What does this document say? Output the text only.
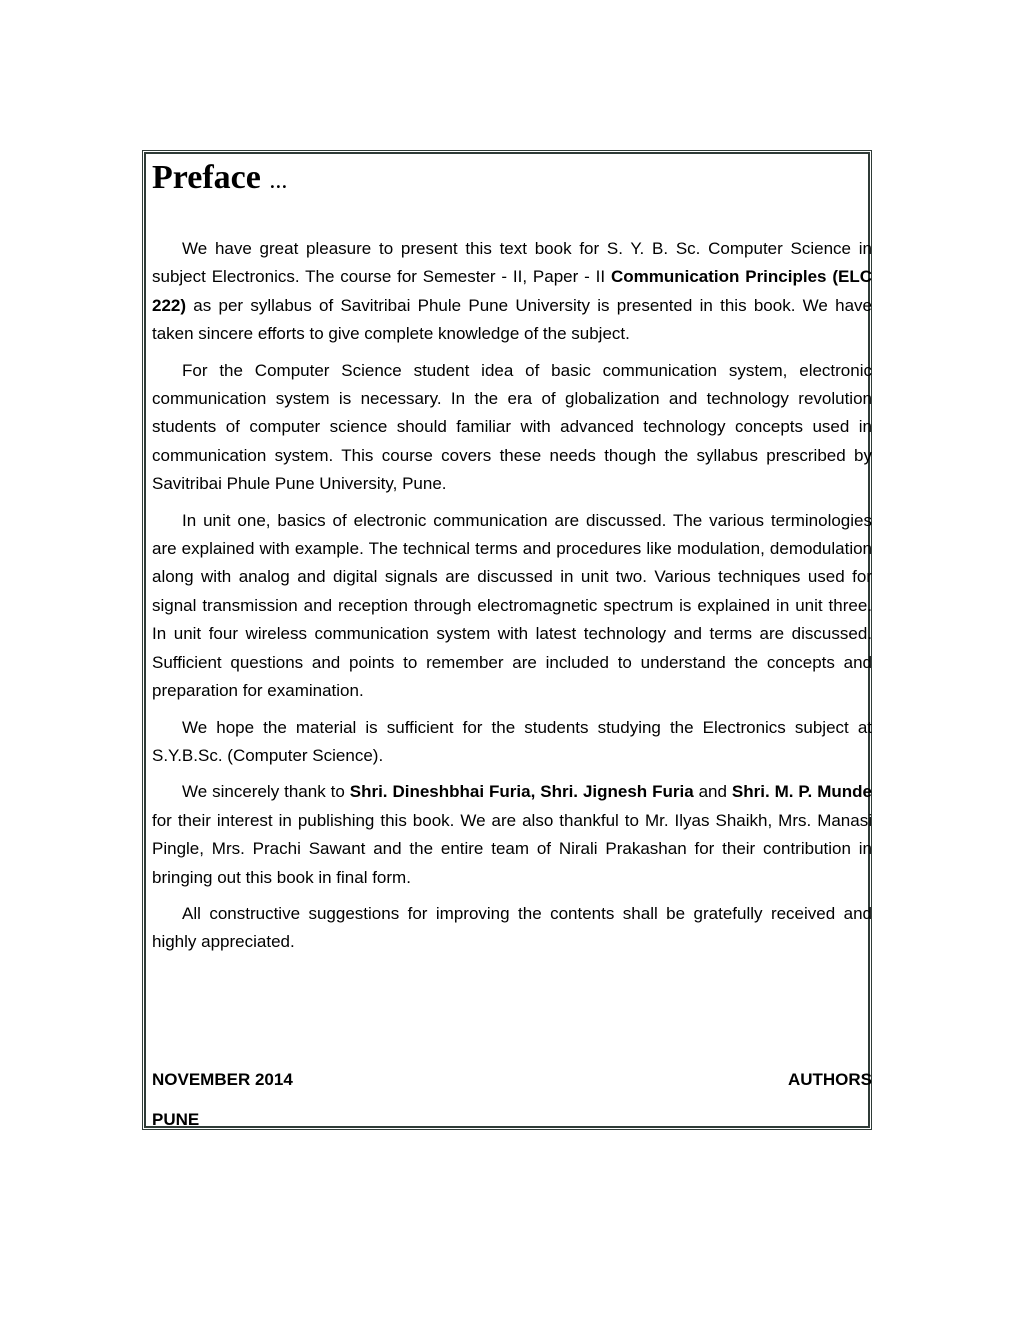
Preface ...

We have great pleasure to present this text book for S. Y. B. Sc. Computer Science in subject Electronics. The course for Semester - II, Paper - II Communication Principles (ELC 222) as per syllabus of Savitribai Phule Pune University is presented in this book. We have taken sincere efforts to give complete knowledge of the subject.

For the Computer Science student idea of basic communication system, electronic communication system is necessary. In the era of globalization and technology revolution students of computer science should familiar with advanced technology concepts used in communication system. This course covers these needs though the syllabus prescribed by Savitribai Phule Pune University, Pune.

In unit one, basics of electronic communication are discussed. The various terminologies are explained with example. The technical terms and procedures like modulation, demodulation along with analog and digital signals are discussed in unit two. Various techniques used for signal transmission and reception through electromagnetic spectrum is explained in unit three. In unit four wireless communication system with latest technology and terms are discussed. Sufficient questions and points to remember are included to understand the concepts and preparation for examination.

We hope the material is sufficient for the students studying the Electronics subject at S.Y.B.Sc. (Computer Science).

We sincerely thank to Shri. Dineshbhai Furia, Shri. Jignesh Furia and Shri. M. P. Munde for their interest in publishing this book. We are also thankful to Mr. Ilyas Shaikh, Mrs. Manasi Pingle, Mrs. Prachi Sawant and the entire team of Nirali Prakashan for their contribution in bringing out this book in final form.

All constructive suggestions for improving the contents shall be gratefully received and highly appreciated.

NOVEMBER 2014	AUTHORS
PUNE
